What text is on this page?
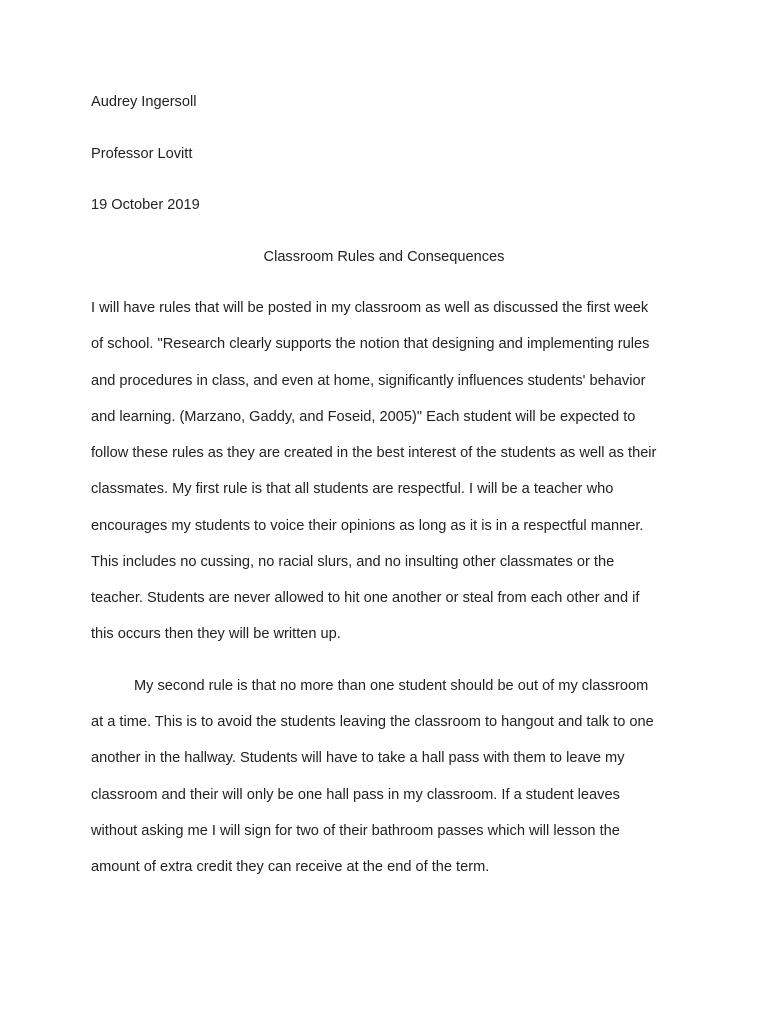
Audrey Ingersoll
Professor Lovitt
19 October 2019
Classroom Rules and Consequences
I will have rules that will be posted in my classroom as well as discussed the first week
of school. "Research clearly supports the notion that designing and implementing rules
and procedures in class, and even at home, significantly influences students' behavior
and learning. (Marzano, Gaddy, and Foseid, 2005)" Each student will be expected to
follow these rules as they are created in the best interest of the students as well as their
classmates. My first rule is that all students are respectful. I will be a teacher who
encourages my students to voice their opinions as long as it is in a respectful manner.
This includes no cussing, no racial slurs, and no insulting other classmates or the
teacher. Students are never allowed to hit one another or steal from each other and if
this occurs then they will be written up.
My second rule is that no more than one student should be out of my classroom
at a time. This is to avoid the students leaving the classroom to hangout and talk to one
another in the hallway. Students will have to take a hall pass with them to leave my
classroom and their will only be one hall pass in my classroom. If a student leaves
without asking me I will sign for two of their bathroom passes which will lesson the
amount of extra credit they can receive at the end of the term.
